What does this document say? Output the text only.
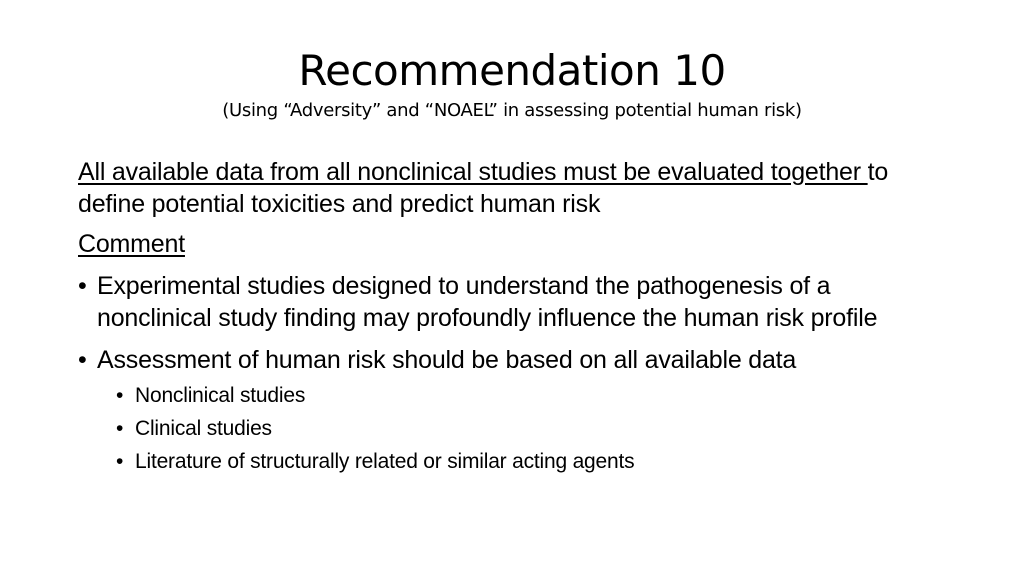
Recommendation 10
(Using “Adversity” and “NOAEL” in assessing potential human risk)

All available data from all nonclinical studies must be evaluated together to define potential toxicities and predict human risk

Comment

• Experimental studies designed to understand the pathogenesis of a nonclinical study finding may profoundly influence the human risk profile
• Assessment of human risk should be based on all available data
• Nonclinical studies
• Clinical studies
• Literature of structurally related or similar acting agents
